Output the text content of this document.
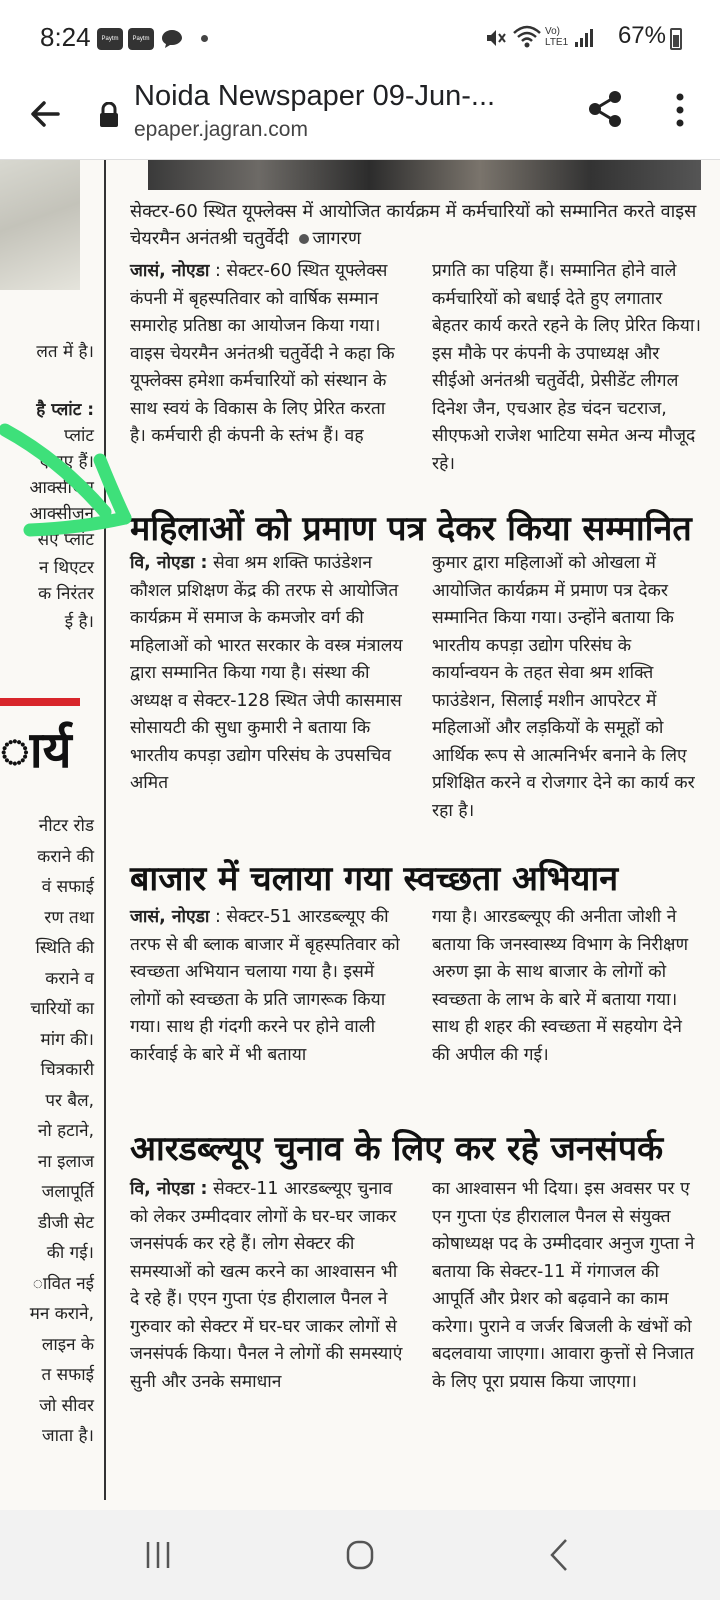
8:24	Paytm	Paytm
Vo) LTE1 67%
Noida Newspaper 09-Jun-...
epaper.jagran.com
लत में है।
है प्लांट :
प्लांट
ए गए हैं।
आक्सीजन
आक्सीजन
सए प्लांट
न थिएटर
क निरंतर
ई है।
ार्य
नीटर रोड
कराने की
वं सफाई
रण तथा
स्थिति की
कराने व
चारियों का
मांग की।
चित्रकारी
पर बैल,
नो हटाने,
ना इलाज
जलापूर्ति
डीजी सेट
की गई।
ावित नई
मन कराने,
लाइन के
त सफाई
जो सीवर
जाता है।
सेक्टर-60 स्थित यूफ्लेक्स में आयोजित कार्यक्रम में कर्मचारियों को सम्मानित करते वाइस चेयरमैन अनंतश्री चतुर्वेदी जागरण
जासं, नोएडा : सेक्टर-60 स्थित यूफ्लेक्स कंपनी में बृहस्पतिवार को वार्षिक सम्मान समारोह प्रतिष्ठा का आयोजन किया गया। वाइस चेयरमैन अनंतश्री चतुर्वेदी ने कहा कि यूफ्लेक्स हमेशा कर्मचारियों को संस्थान के साथ स्वयं के विकास के लिए प्रेरित करता है। कर्मचारी ही कंपनी के स्तंभ हैं। वह
प्रगति का पहिया हैं। सम्मानित होने वाले कर्मचारियों को बधाई देते हुए लगातार बेहतर कार्य करते रहने के लिए प्रेरित किया। इस मौके पर कंपनी के उपाध्यक्ष और सीईओ अनंतश्री चतुर्वेदी, प्रेसीडेंट लीगल दिनेश जैन, एचआर हेड चंदन चटराज, सीएफओ राजेश भाटिया समेत अन्य मौजूद रहे।
महिलाओं को प्रमाण पत्र देकर किया सम्मानित
वि, नोएडा : सेवा श्रम शक्ति फाउंडेशन कौशल प्रशिक्षण केंद्र की तरफ से आयोजित कार्यक्रम में समाज के कमजोर वर्ग की महिलाओं को भारत सरकार के वस्त्र मंत्रालय द्वारा सम्मानित किया गया है। संस्था की अध्यक्ष व सेक्टर-128 स्थित जेपी कासमास सोसायटी की सुधा कुमारी ने बताया कि भारतीय कपड़ा उद्योग परिसंघ के उपसचिव अमित
कुमार द्वारा महिलाओं को ओखला में आयोजित कार्यक्रम में प्रमाण पत्र देकर सम्मानित किया गया। उन्होंने बताया कि भारतीय कपड़ा उद्योग परिसंघ के कार्यान्वयन के तहत सेवा श्रम शक्ति फाउंडेशन, सिलाई मशीन आपरेटर में महिलाओं और लड़कियों के समूहों को आर्थिक रूप से आत्मनिर्भर बनाने के लिए प्रशिक्षित करने व रोजगार देने का कार्य कर रहा है।
बाजार में चलाया गया स्वच्छता अभियान
जासं, नोएडा : सेक्टर-51 आरडब्ल्यूए की तरफ से बी ब्लाक बाजार में बृहस्पतिवार को स्वच्छता अभियान चलाया गया है। इसमें लोगों को स्वच्छता के प्रति जागरूक किया गया। साथ ही गंदगी करने पर होने वाली कार्रवाई के बारे में भी बताया
गया है। आरडब्ल्यूए की अनीता जोशी ने बताया कि जनस्वास्थ्य विभाग के निरीक्षण अरुण झा के साथ बाजार के लोगों को स्वच्छता के लाभ के बारे में बताया गया। साथ ही शहर की स्वच्छता में सहयोग देने की अपील की गई।
आरडब्ल्यूए चुनाव के लिए कर रहे जनसंपर्क
वि, नोएडा : सेक्टर-11 आरडब्ल्यूए चुनाव को लेकर उम्मीदवार लोगों के घर-घर जाकर जनसंपर्क कर रहे हैं। लोग सेक्टर की समस्याओं को खत्म करने का आश्वासन भी दे रहे हैं। एएन गुप्ता एंड हीरालाल पैनल ने गुरुवार को सेक्टर में घर-घर जाकर लोगों से जनसंपर्क किया। पैनल ने लोगों की समस्याएं सुनी और उनके समाधान
का आश्वासन भी दिया। इस अवसर पर ए एन गुप्ता एंड हीरालाल पैनल से संयुक्त कोषाध्यक्ष पद के उम्मीदवार अनुज गुप्ता ने बताया कि सेक्टर-11 में गंगाजल की आपूर्ति और प्रेशर को बढ़वाने का काम करेगा। पुराने व जर्जर बिजली के खंभों को बदलवाया जाएगा। आवारा कुत्तों से निजात के लिए पूरा प्रयास किया जाएगा।
